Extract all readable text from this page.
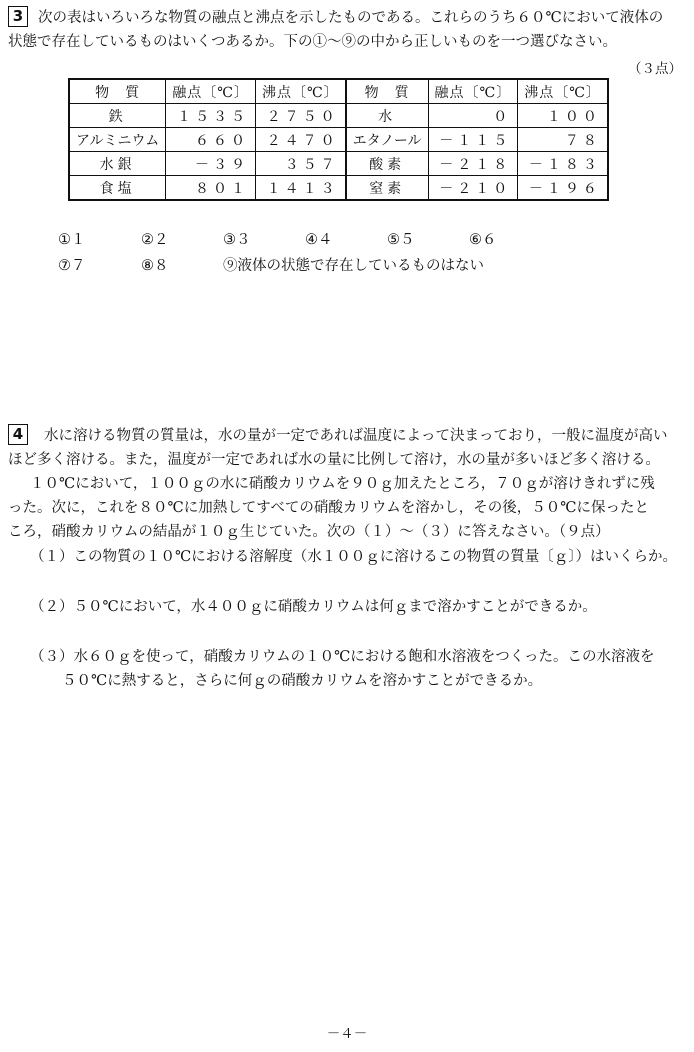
3	次の表はいろいろな物質の融点と沸点を示したものである。これらのうち６０℃において液体の
状態で存在しているものはいくつあるか。下の①～⑨の中から正しいものを一つ選びなさい。
（３点）
物　質	融点〔℃〕	沸点〔℃〕	物　質	融点〔℃〕	沸点〔℃〕
鉄	１５３５	２７５０	水	０	１００
アルミニウム	６６０	２４７０	エタノール	－１１５	７８
水銀	－３９	３５７	酸素	－２１８	－１８３
食塩	８０１	１４１３	窒素	－２１０	－１９６
①１	②２	③３	④４	⑤５	⑥６
⑦７	⑧８	⑨液体の状態で存在しているものはない
4	水に溶ける物質の質量は，水の量が一定であれば温度によって決まっており，一般に温度が高い
ほど多く溶ける。また，温度が一定であれば水の量に比例して溶け，水の量が多いほど多く溶ける。
１０℃において，１００ｇの水に硝酸カリウムを９０ｇ加えたところ，７０ｇが溶けきれずに残
った。次に，これを８０℃に加熱してすべての硝酸カリウムを溶かし，その後，５０℃に保ったと
ころ，硝酸カリウムの結晶が１０ｇ生じていた。次の（１）～（３）に答えなさい。（９点）
（１）この物質の１０℃における溶解度（水１００ｇに溶けるこの物質の質量〔ｇ〕）はいくらか。
（２）５０℃において，水４００ｇに硝酸カリウムは何ｇまで溶かすことができるか。
（３）水６０ｇを使って，硝酸カリウムの１０℃における飽和水溶液をつくった。この水溶液を
５０℃に熱すると，さらに何ｇの硝酸カリウムを溶かすことができるか。
－４－
